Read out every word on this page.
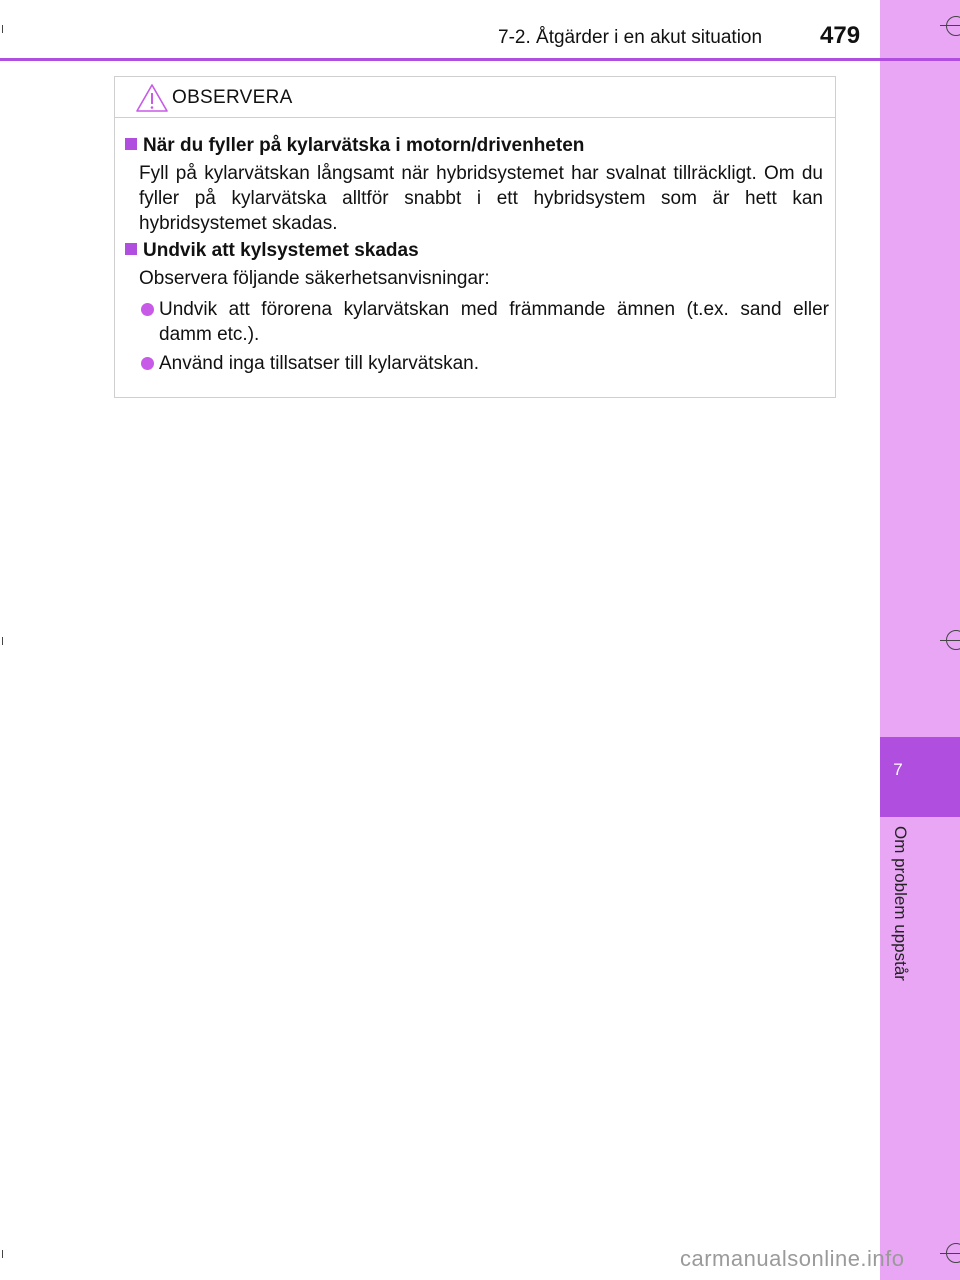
7
Om problem uppstår
7-2. Åtgärder i en akut situation 479
OBSERVERA
När du fyller på kylarvätska i motorn/drivenheten
Fyll på kylarvätskan långsamt när hybridsystemet har svalnat tillräckligt. Om du fyller på kylarvätska alltför snabbt i ett hybridsystem som är hett kan hybridsystemet skadas.
Undvik att kylsystemet skadas
Observera följande säkerhetsanvisningar:
Undvik att förorena kylarvätskan med främmande ämnen (t.ex. sand eller damm etc.).
Använd inga tillsatser till kylarvätskan.
carmanualsonline.info
